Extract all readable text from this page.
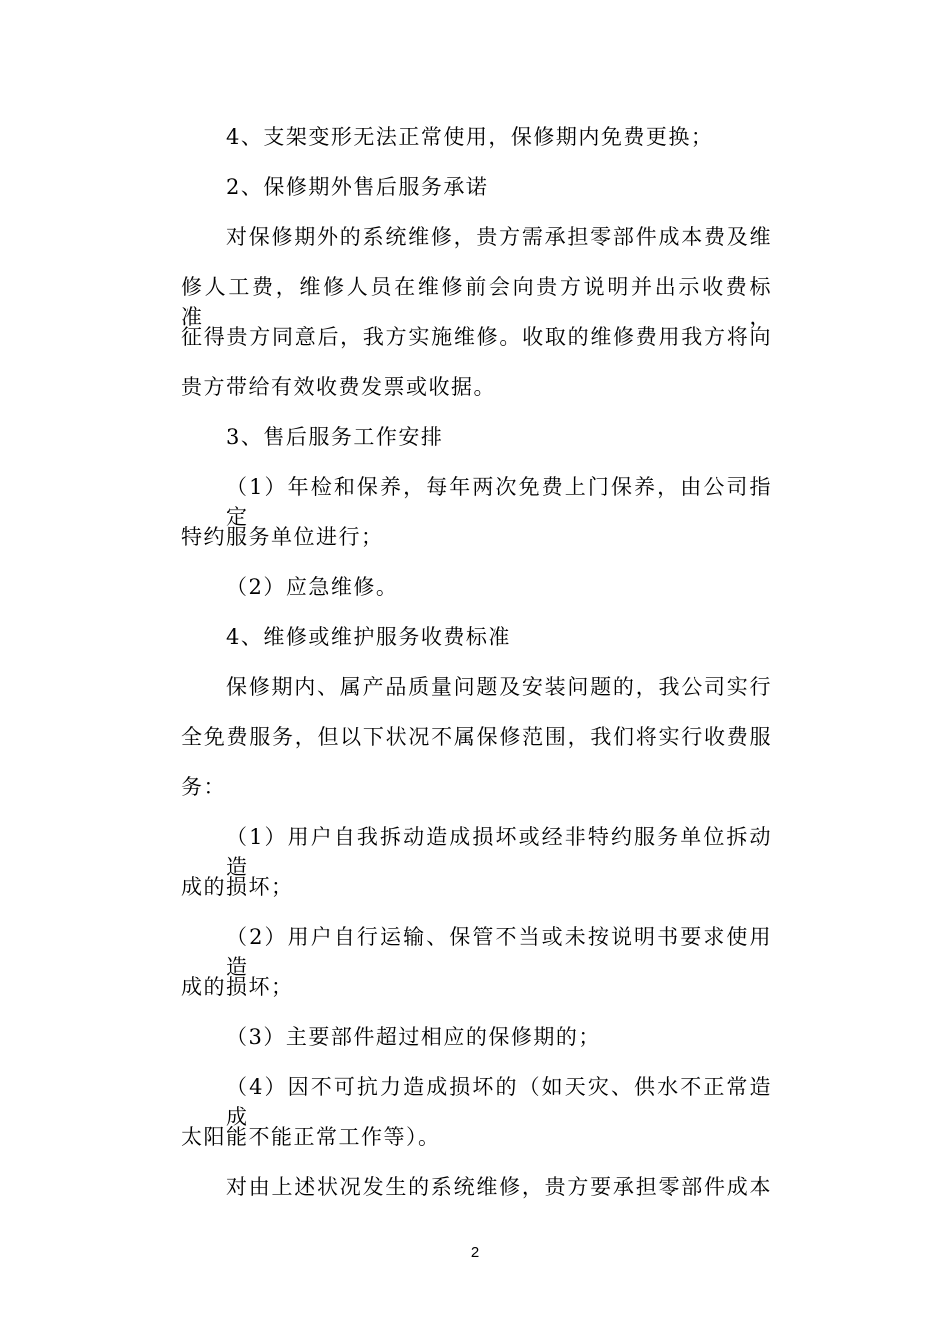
4、支架变形无法正常使用，保修期内免费更换；
2、保修期外售后服务承诺
对保修期外的系统维修，贵方需承担零部件成本费及维
修人工费，维修人员在维修前会向贵方说明并出示收费标准，
征得贵方同意后，我方实施维修。收取的维修费用我方将向
贵方带给有效收费发票或收据。
3、售后服务工作安排
（1）年检和保养，每年两次免费上门保养，由公司指定
特约服务单位进行；
（2）应急维修。
4、维修或维护服务收费标准
保修期内、属产品质量问题及安装问题的，我公司实行
全免费服务，但以下状况不属保修范围，我们将实行收费服
务：
（1）用户自我拆动造成损坏或经非特约服务单位拆动造
成的损坏；
（2）用户自行运输、保管不当或未按说明书要求使用造
成的损坏；
（3）主要部件超过相应的保修期的；
（4）因不可抗力造成损坏的（如天灾、供水不正常造成
太阳能不能正常工作等）。
对由上述状况发生的系统维修，贵方要承担零部件成本
2
